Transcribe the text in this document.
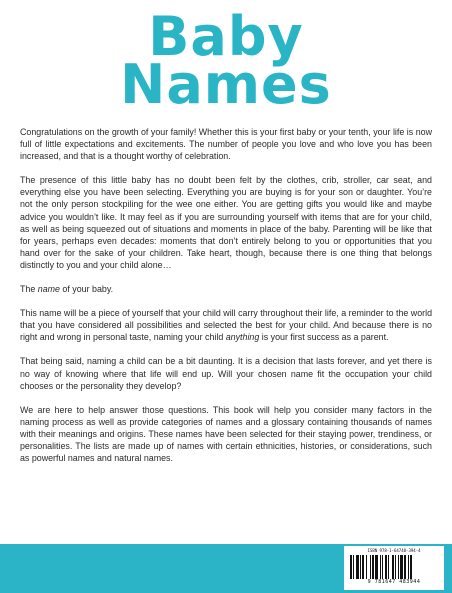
Baby
Names

Congratulations on the growth of your family! Whether this is your first baby or your tenth, your life is now full of little expectations and excitements. The number of people you love and who love you has been increased, and that is a thought worthy of celebration.

The presence of this little baby has no doubt been felt by the clothes, crib, stroller, car seat, and everything else you have been selecting. Everything you are buying is for your son or daughter. You’re not the only person stockpiling for the wee one either. You are getting gifts you would like and maybe advice you wouldn’t like. It may feel as if you are surrounding yourself with items that are for your child, as well as being squeezed out of situations and moments in place of the baby. Parenting will be like that for years, perhaps even decades: moments that don’t entirely belong to you or opportunities that you hand over for the sake of your children. Take heart, though, because there is one thing that belongs distinctly to you and your child alone…

The name of your baby.

This name will be a piece of yourself that your child will carry throughout their life, a reminder to the world that you have considered all possibilities and selected the best for your child. And because there is no right and wrong in personal taste, naming your child anything is your first success as a parent.

That being said, naming a child can be a bit daunting. It is a decision that lasts forever, and yet there is no way of knowing where that life will end up. Will your chosen name fit the occupation your child chooses or the personality they develop?

We are here to help answer those questions. This book will help you consider many factors in the naming process as well as provide categories of names and a glossary containing thousands of names with their meanings and origins. These names have been selected for their staying power, trendiness, or personalities. The lists are made up of names with certain ethnicities, histories, or considerations, such as powerful names and natural names.

ISBN 978-1-64748-394-4
9 781647 483944
